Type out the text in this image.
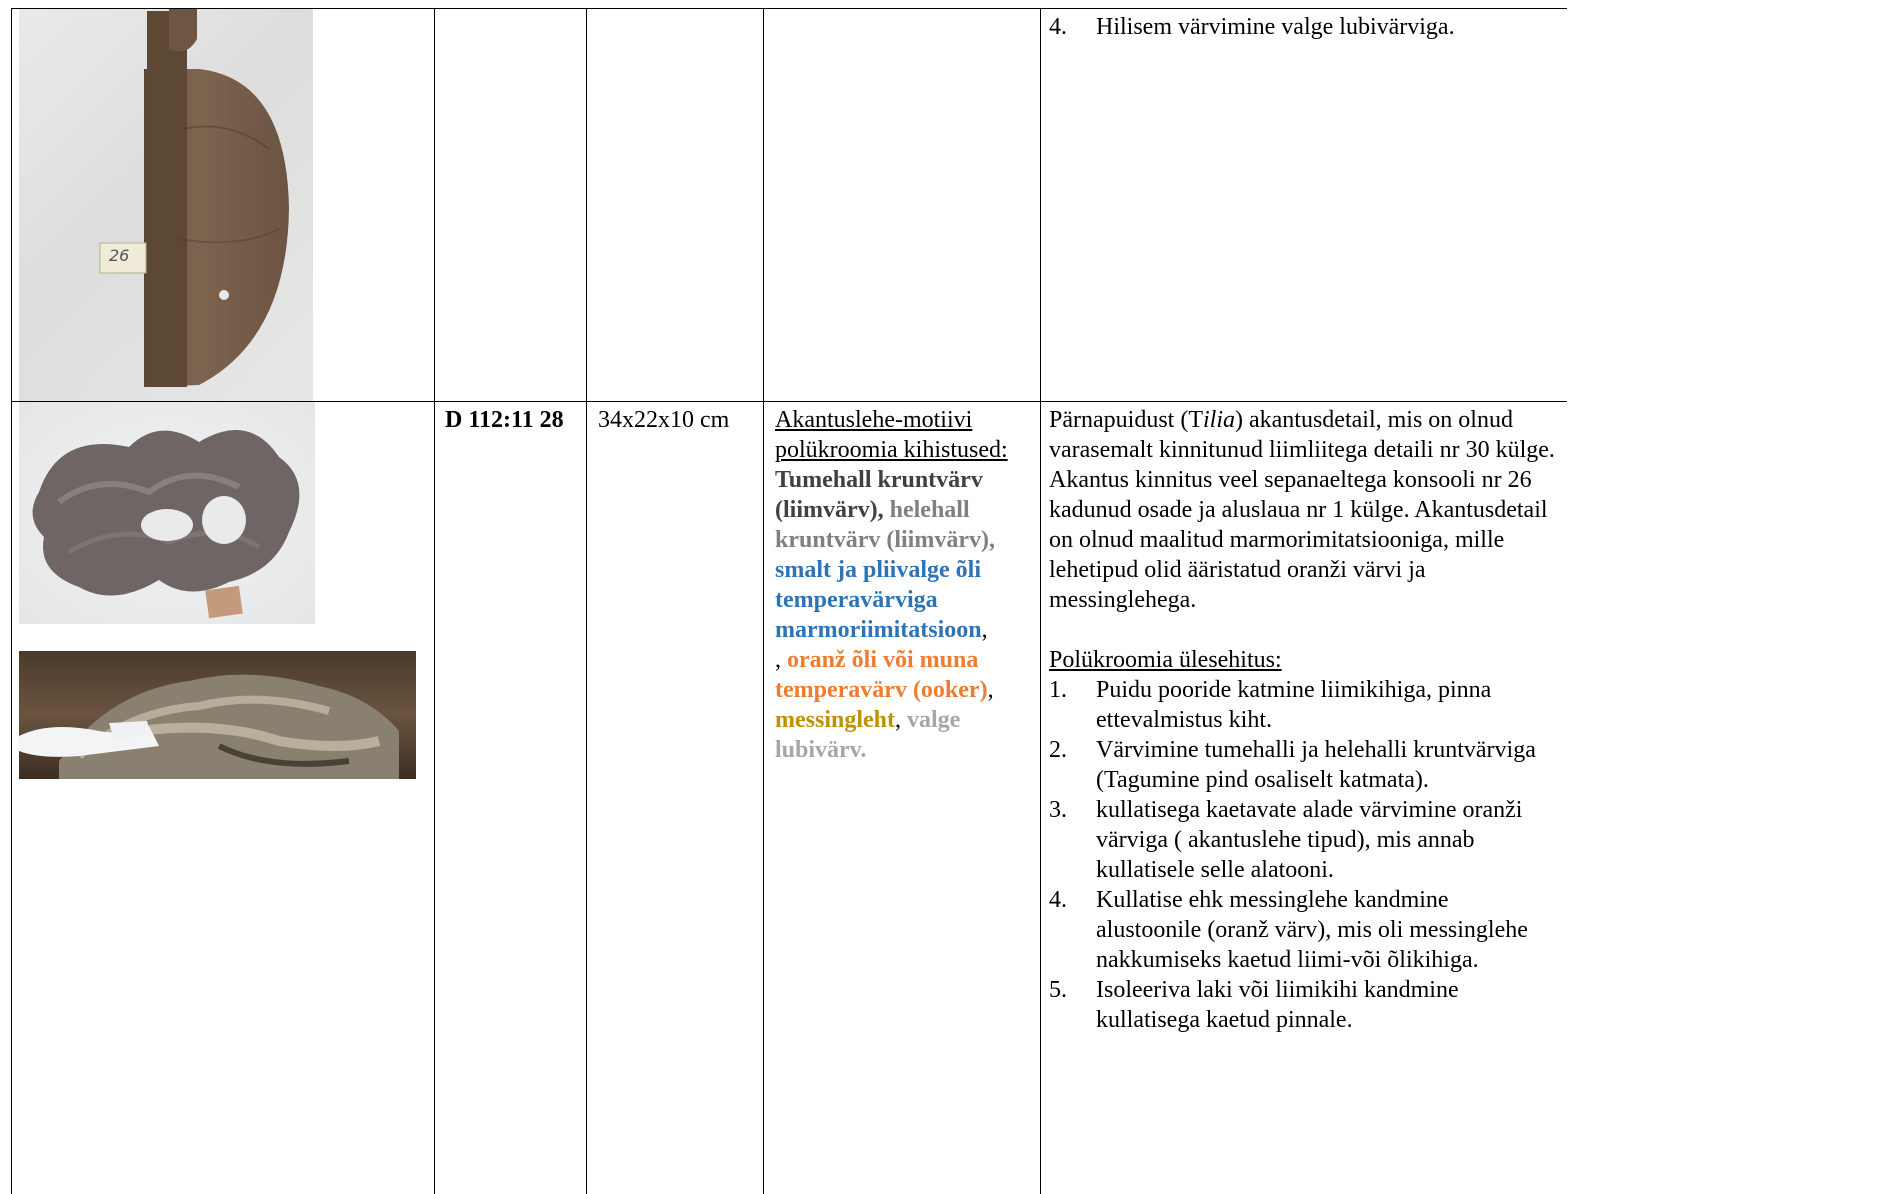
26
4. Hilisem värvimine valge lubivärviga.
D 112:11 28	34x22x10 cm	Akantuslehe-motiivi polükroomia kihistused:
Tumehall kruntvärv (liimvärv), helehall kruntvärv (liimvärv), smalt ja pliivalge õli temperavärviga marmoriimitatsioon,
, oranž õli või muna temperavärv (ooker), messingleht, valge lubivärv.
Pärnapuidust (Tilia) akantusdetail, mis on olnud varasemalt kinnitunud liimliitega detaili nr 30 külge. Akantus kinnitus veel sepanaeltega konsooli nr 26 kadunud osade ja aluslaua nr 1 külge. Akantusdetail on olnud maalitud marmorimitatsiooniga, mille lehetipud olid ääristatud oranži värvi ja messinglehega.
Polükroomia ülesehitus:
1. Puidu pooride katmine liimikihiga, pinna ettevalmistus kiht.
2. Värvimine tumehalli ja helehalli kruntvärviga (Tagumine pind osaliselt katmata).
3. kullatisega kaetavate alade värvimine oranži värviga ( akantuslehe tipud), mis annab kullatisele selle alatooni.
4. Kullatise ehk messinglehe kandmine alustoonile (oranž värv), mis oli messinglehe nakkumiseks kaetud liimi-või õlikihiga.
5. Isoleeriva laki või liimikihi kandmine kullatisega kaetud pinnale.
